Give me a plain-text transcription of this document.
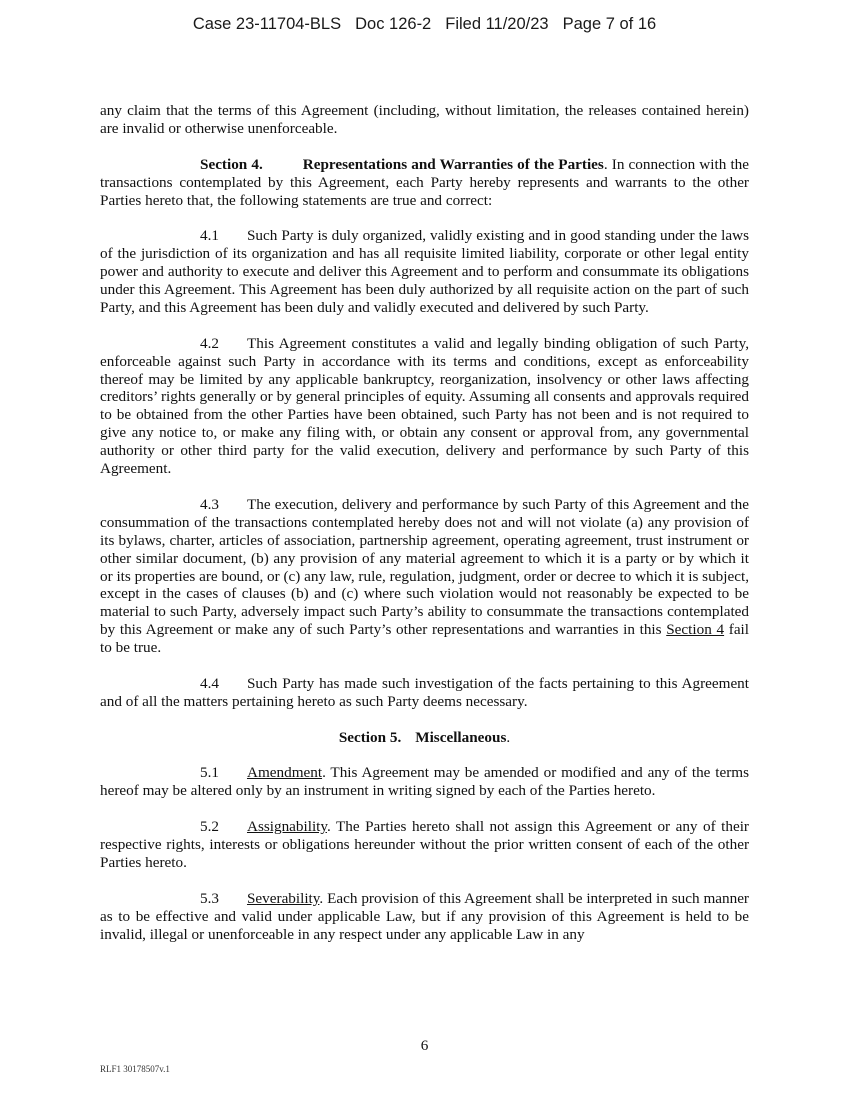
Case 23-11704-BLS Doc 126-2 Filed 11/20/23 Page 7 of 16

any claim that the terms of this Agreement (including, without limitation, the releases contained herein) are invalid or otherwise unenforceable.

Section 4.	Representations and Warranties of the Parties. In connection with the transactions contemplated by this Agreement, each Party hereby represents and warrants to the other Parties hereto that, the following statements are true and correct:

4.1 Such Party is duly organized, validly existing and in good standing under the laws of the jurisdiction of its organization and has all requisite limited liability, corporate or other legal entity power and authority to execute and deliver this Agreement and to perform and consummate its obligations under this Agreement. This Agreement has been duly authorized by all requisite action on the part of such Party, and this Agreement has been duly and validly executed and delivered by such Party.

4.2 This Agreement constitutes a valid and legally binding obligation of such Party, enforceable against such Party in accordance with its terms and conditions, except as enforceability thereof may be limited by any applicable bankruptcy, reorganization, insolvency or other laws affecting creditors’ rights generally or by general principles of equity. Assuming all consents and approvals required to be obtained from the other Parties have been obtained, such Party has not been and is not required to give any notice to, or make any filing with, or obtain any consent or approval from, any governmental authority or other third party for the valid execution, delivery and performance by such Party of this Agreement.

4.3 The execution, delivery and performance by such Party of this Agreement and the consummation of the transactions contemplated hereby does not and will not violate (a) any provision of its bylaws, charter, articles of association, partnership agreement, operating agreement, trust instrument or other similar document, (b) any provision of any material agreement to which it is a party or by which it or its properties are bound, or (c) any law, rule, regulation, judgment, order or decree to which it is subject, except in the cases of clauses (b) and (c) where such violation would not reasonably be expected to be material to such Party, adversely impact such Party’s ability to consummate the transactions contemplated by this Agreement or make any of such Party’s other representations and warranties in this Section 4 fail to be true.

4.4 Such Party has made such investigation of the facts pertaining to this Agreement and of all the matters pertaining hereto as such Party deems necessary.

Section 5. Miscellaneous.

5.1 Amendment. This Agreement may be amended or modified and any of the terms hereof may be altered only by an instrument in writing signed by each of the Parties hereto.

5.2 Assignability. The Parties hereto shall not assign this Agreement or any of their respective rights, interests or obligations hereunder without the prior written consent of each of the other Parties hereto.

5.3 Severability. Each provision of this Agreement shall be interpreted in such manner as to be effective and valid under applicable Law, but if any provision of this Agreement is held to be invalid, illegal or unenforceable in any respect under any applicable Law in any

6
RLF1 30178507v.1
